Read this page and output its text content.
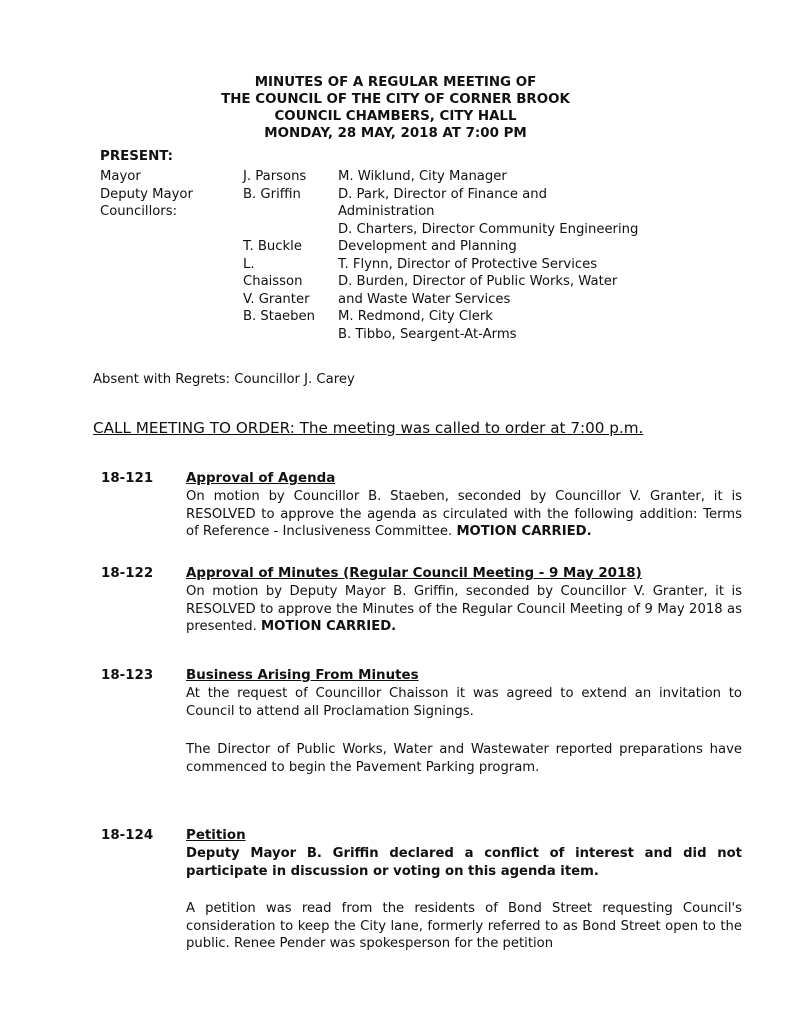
MINUTES OF A REGULAR MEETING OF
THE COUNCIL OF THE CITY OF CORNER BROOK
COUNCIL CHAMBERS, CITY HALL
MONDAY, 28 MAY, 2018 AT 7:00 PM
PRESENT:
Mayor
Deputy Mayor
Councillors:
J. Parsons
B. Griffin
T. Buckle
L.
Chaisson
V. Granter
B. Staeben
M. Wiklund, City Manager
D. Park, Director of Finance and
Administration
D. Charters, Director Community Engineering
Development and Planning
T. Flynn, Director of Protective Services
D. Burden, Director of Public Works, Water
and Waste Water Services
M. Redmond, City Clerk
B. Tibbo, Seargent-At-Arms
Absent with Regrets: Councillor J. Carey
CALL MEETING TO ORDER: The meeting was called to order at 7:00 p.m.
18-121 Approval of Agenda

On motion by Councillor B. Staeben, seconded by Councillor V. Granter, it is RESOLVED to approve the agenda as circulated with the following addition: Terms of Reference - Inclusiveness Committee. MOTION CARRIED.

18-122 Approval of Minutes (Regular Council Meeting - 9 May 2018)

On motion by Deputy Mayor B. Griffin, seconded by Councillor V. Granter, it is RESOLVED to approve the Minutes of the Regular Council Meeting of 9 May 2018 as presented. MOTION CARRIED.

18-123 Business Arising From Minutes

At the request of Councillor Chaisson it was agreed to extend an invitation to Council to attend all Proclamation Signings.

The Director of Public Works, Water and Wastewater reported preparations have commenced to begin the Pavement Parking program.

18-124 Petition

Deputy Mayor B. Griffin declared a conflict of interest and did not participate in discussion or voting on this agenda item.

A petition was read from the residents of Bond Street requesting Council's consideration to keep the City lane, formerly referred to as Bond Street open to the public. Renee Pender was spokesperson for the petition
